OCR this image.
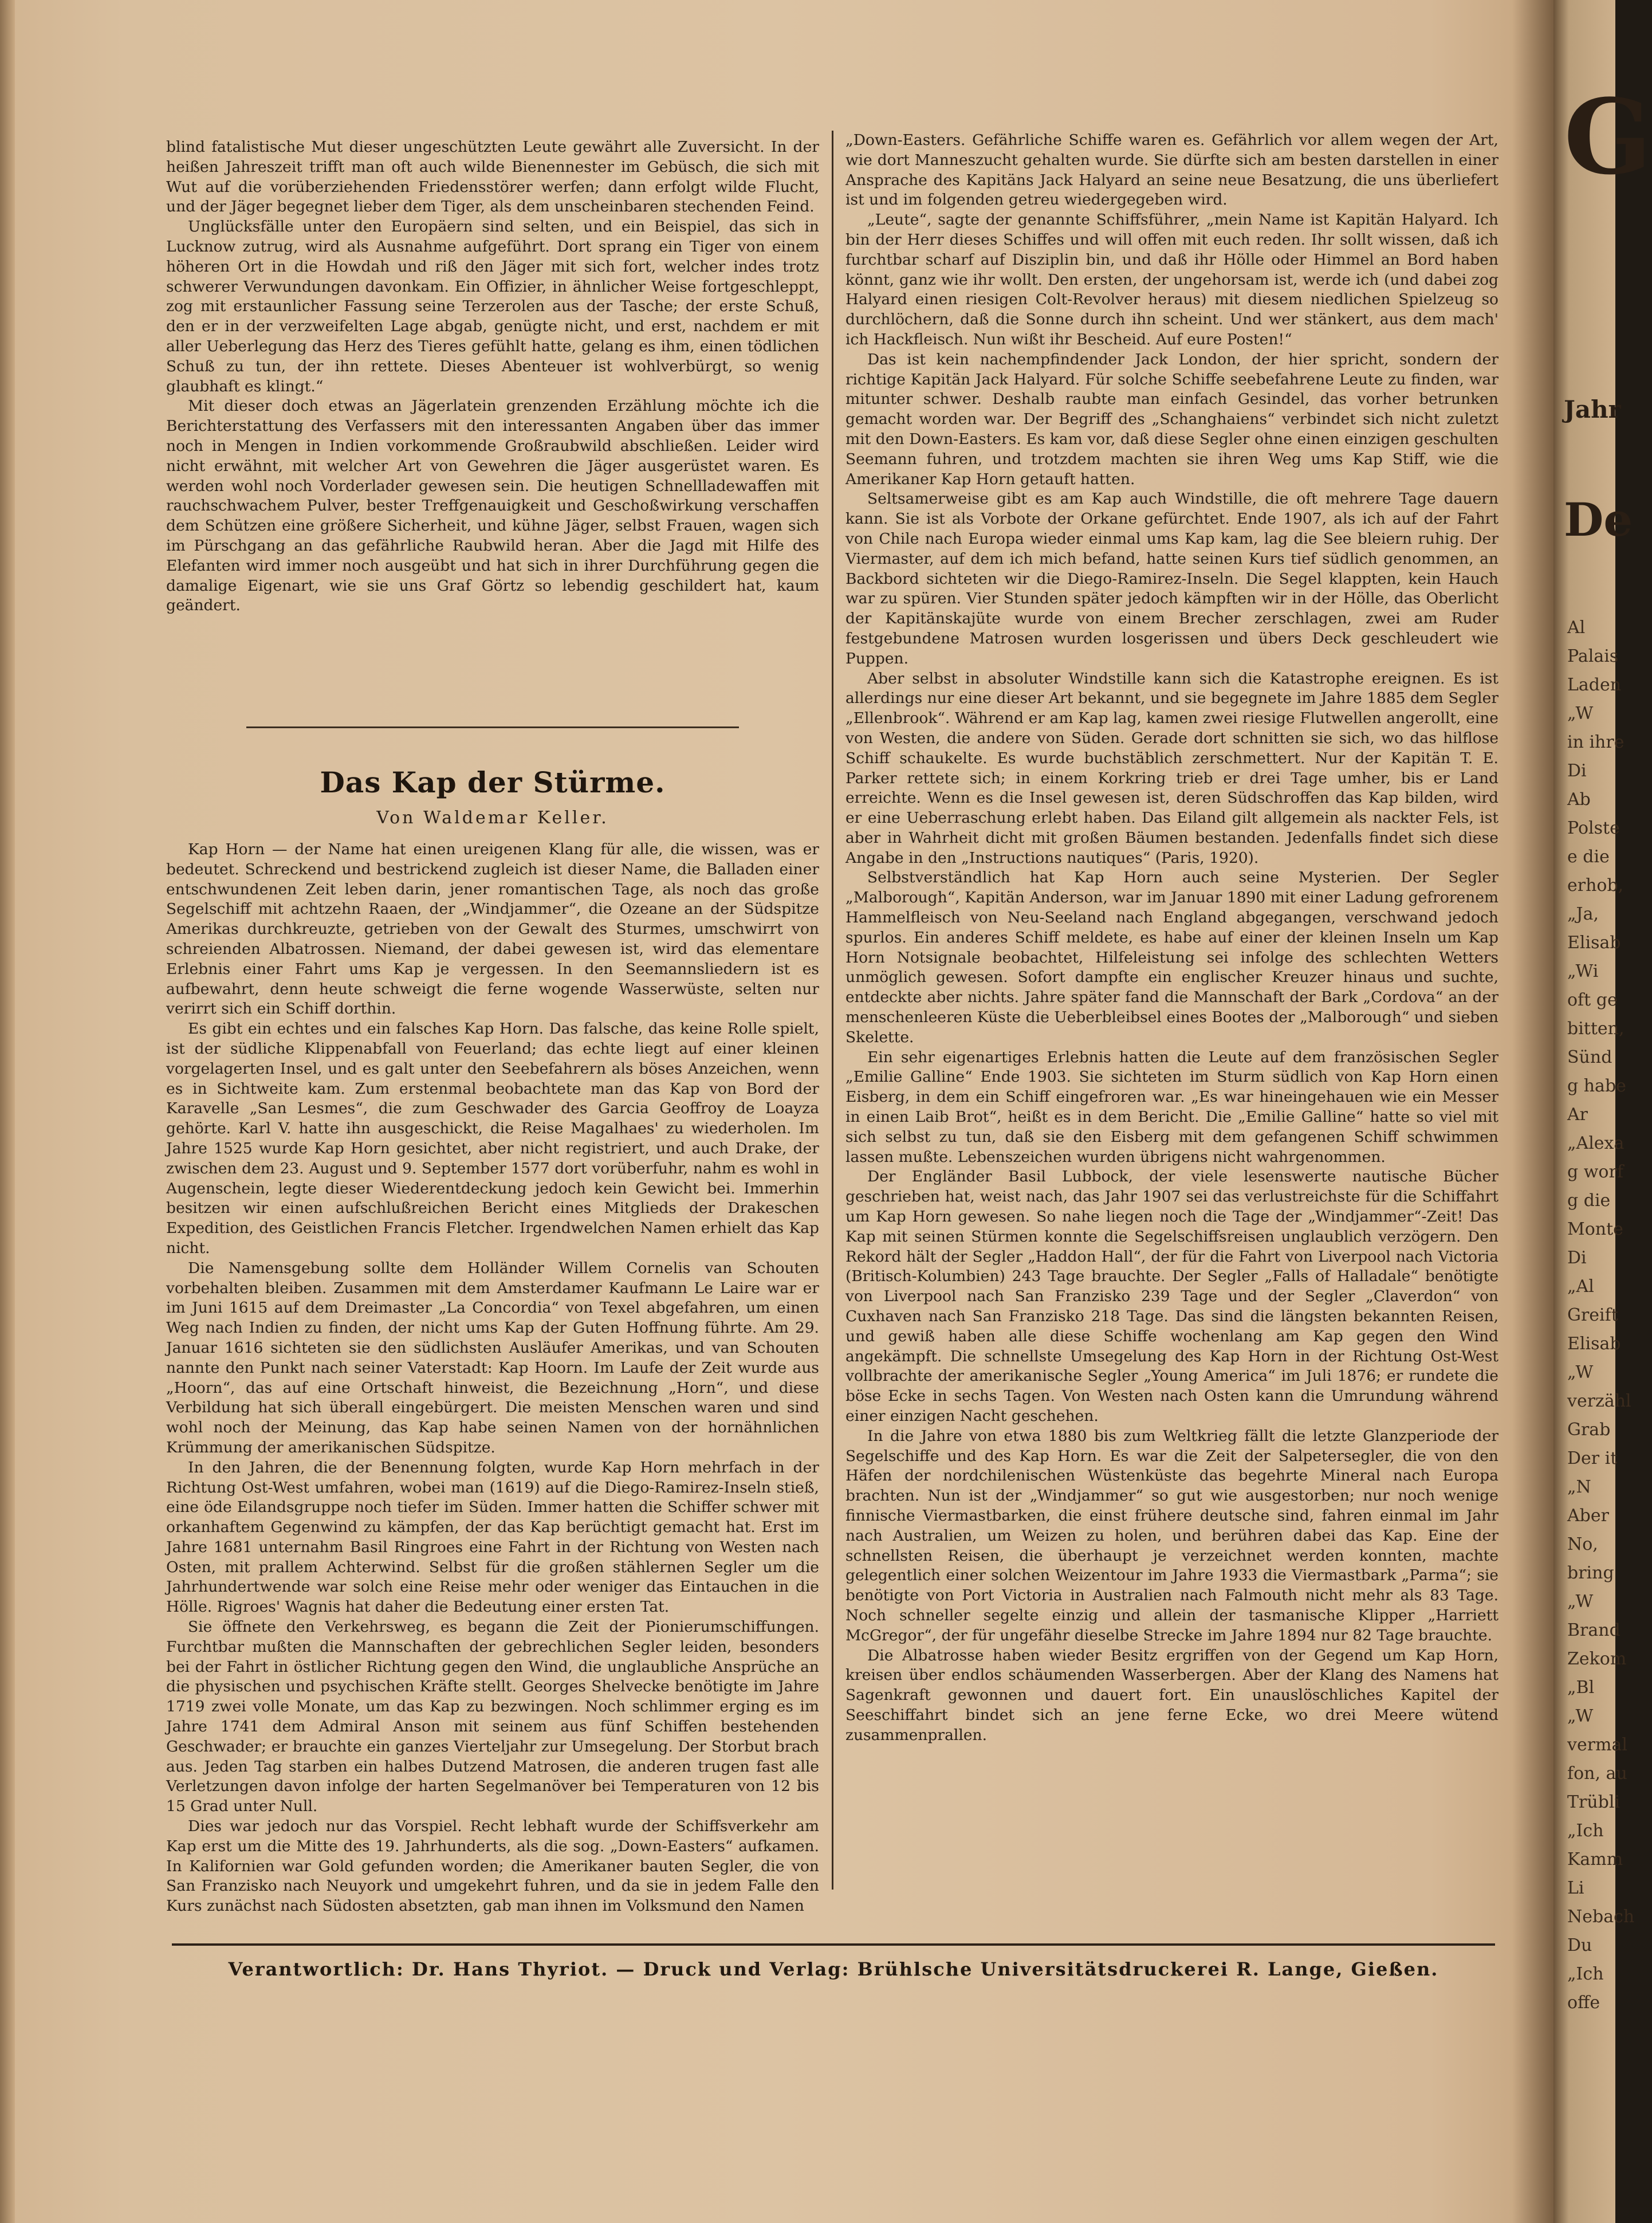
blind fatalistische Mut dieser ungeschützten Leute gewährt alle Zuversicht. In der heißen Jahreszeit trifft man oft auch wilde Bienennester im Gebüsch, die sich mit Wut auf die vorüberziehenden Friedensstörer werfen; dann erfolgt wilde Flucht, und der Jäger begegnet lieber dem Tiger, als dem unscheinbaren stechenden Feind.

Unglücksfälle unter den Europäern sind selten, und ein Beispiel, das sich in Lucknow zutrug, wird als Ausnahme aufgeführt. Dort sprang ein Tiger von einem höheren Ort in die Howdah und riß den Jäger mit sich fort, welcher indes trotz schwerer Verwundungen davonkam. Ein Offizier, in ähnlicher Weise fortgeschleppt, zog mit erstaunlicher Fassung seine Terzerolen aus der Tasche; der erste Schuß, den er in der verzweifelten Lage abgab, genügte nicht, und erst, nachdem er mit aller Ueberlegung das Herz des Tieres gefühlt hatte, gelang es ihm, einen tödlichen Schuß zu tun, der ihn rettete. Dieses Abenteuer ist wohlverbürgt, so wenig glaubhaft es klingt.“

Mit dieser doch etwas an Jägerlatein grenzenden Erzählung möchte ich die Berichterstattung des Verfassers mit den interessanten Angaben über das immer noch in Mengen in Indien vorkommende Großraubwild abschließen. Leider wird nicht erwähnt, mit welcher Art von Gewehren die Jäger ausgerüstet waren. Es werden wohl noch Vorderlader gewesen sein. Die heutigen Schnellladewaffen mit rauchschwachem Pulver, bester Treffgenauigkeit und Geschoßwirkung verschaffen dem Schützen eine größere Sicherheit, und kühne Jäger, selbst Frauen, wagen sich im Pürschgang an das gefährliche Raubwild heran. Aber die Jagd mit Hilfe des Elefanten wird immer noch ausgeübt und hat sich in ihrer Durchführung gegen die damalige Eigenart, wie sie uns Graf Görtz so lebendig geschildert hat, kaum geändert.

Das Kap der Stürme.
Von Waldemar Keller.

Kap Horn — der Name hat einen ureigenen Klang für alle, die wissen, was er bedeutet. Schreckend und bestrickend zugleich ist dieser Name, die Balladen einer entschwundenen Zeit leben darin, jener romantischen Tage, als noch das große Segelschiff mit achtzehn Raaen, der „Windjammer“, die Ozeane an der Südspitze Amerikas durchkreuzte, getrieben von der Gewalt des Sturmes, umschwirrt von schreienden Albatrossen. Niemand, der dabei gewesen ist, wird das elementare Erlebnis einer Fahrt ums Kap je vergessen. In den Seemannsliedern ist es aufbewahrt, denn heute schweigt die ferne wogende Wasserwüste, selten nur verirrt sich ein Schiff dorthin.

Es gibt ein echtes und ein falsches Kap Horn. Das falsche, das keine Rolle spielt, ist der südliche Klippenabfall von Feuerland; das echte liegt auf einer kleinen vorgelagerten Insel, und es galt unter den Seebefahrern als böses Anzeichen, wenn es in Sichtweite kam. Zum erstenmal beobachtete man das Kap von Bord der Karavelle „San Lesmes“, die zum Geschwader des Garcia Geoffroy de Loayza gehörte. Karl V. hatte ihn ausgeschickt, die Reise Magalhaes' zu wiederholen. Im Jahre 1525 wurde Kap Horn gesichtet, aber nicht registriert, und auch Drake, der zwischen dem 23. August und 9. September 1577 dort vorüberfuhr, nahm es wohl in Augenschein, legte dieser Wiederentdeckung jedoch kein Gewicht bei. Immerhin besitzen wir einen aufschlußreichen Bericht eines Mitglieds der Drakeschen Expedition, des Geistlichen Francis Fletcher. Irgendwelchen Namen erhielt das Kap nicht.

Die Namensgebung sollte dem Holländer Willem Cornelis van Schouten vorbehalten bleiben. Zusammen mit dem Amsterdamer Kaufmann Le Laire war er im Juni 1615 auf dem Dreimaster „La Concordia“ von Texel abgefahren, um einen Weg nach Indien zu finden, der nicht ums Kap der Guten Hoffnung führte. Am 29. Januar 1616 sichteten sie den südlichsten Ausläufer Amerikas, und van Schouten nannte den Punkt nach seiner Vaterstadt: Kap Hoorn. Im Laufe der Zeit wurde aus „Hoorn“, das auf eine Ortschaft hinweist, die Bezeichnung „Horn“, und diese Verbildung hat sich überall eingebürgert. Die meisten Menschen waren und sind wohl noch der Meinung, das Kap habe seinen Namen von der hornähnlichen Krümmung der amerikanischen Südspitze.

In den Jahren, die der Benennung folgten, wurde Kap Horn mehrfach in der Richtung Ost-West umfahren, wobei man (1619) auf die Diego-Ramirez-Inseln stieß, eine öde Eilandsgruppe noch tiefer im Süden. Immer hatten die Schiffer schwer mit orkanhaftem Gegenwind zu kämpfen, der das Kap berüchtigt gemacht hat. Erst im Jahre 1681 unternahm Basil Ringroes eine Fahrt in der Richtung von Westen nach Osten, mit prallem Achterwind. Selbst für die großen stählernen Segler um die Jahrhundertwende war solch eine Reise mehr oder weniger das Eintauchen in die Hölle. Rigroes' Wagnis hat daher die Bedeutung einer ersten Tat.

Sie öffnete den Verkehrsweg, es begann die Zeit der Pionierumschiffungen. Furchtbar mußten die Mannschaften der gebrechlichen Segler leiden, besonders bei der Fahrt in östlicher Richtung gegen den Wind, die unglaubliche Ansprüche an die physischen und psychischen Kräfte stellt. Georges Shelvecke benötigte im Jahre 1719 zwei volle Monate, um das Kap zu bezwingen. Noch schlimmer erging es im Jahre 1741 dem Admiral Anson mit seinem aus fünf Schiffen bestehenden Geschwader; er brauchte ein ganzes Vierteljahr zur Umsegelung. Der Storbut brach aus. Jeden Tag starben ein halbes Dutzend Matrosen, die anderen trugen fast alle Verletzungen davon infolge der harten Segelmanöver bei Temperaturen von 12 bis 15 Grad unter Null.

Dies war jedoch nur das Vorspiel. Recht lebhaft wurde der Schiffsverkehr am Kap erst um die Mitte des 19. Jahrhunderts, als die sog. „Down-Easters“ aufkamen. In Kalifornien war Gold gefunden worden; die Amerikaner bauten Segler, die von San Franzisko nach Neuyork und umgekehrt fuhren, und da sie in jedem Falle den Kurs zunächst nach Südosten absetzten, gab man ihnen im Volksmund den Namen

„Down-Easters. Gefährliche Schiffe waren es. Gefährlich vor allem wegen der Art, wie dort Manneszucht gehalten wurde. Sie dürfte sich am besten darstellen in einer Ansprache des Kapitäns Jack Halyard an seine neue Besatzung, die uns überliefert ist und im folgenden getreu wiedergegeben wird.

„Leute“, sagte der genannte Schiffsführer, „mein Name ist Kapitän Halyard. Ich bin der Herr dieses Schiffes und will offen mit euch reden. Ihr sollt wissen, daß ich furchtbar scharf auf Disziplin bin, und daß ihr Hölle oder Himmel an Bord haben könnt, ganz wie ihr wollt. Den ersten, der ungehorsam ist, werde ich (und dabei zog Halyard einen riesigen Colt-Revolver heraus) mit diesem niedlichen Spielzeug so durchlöchern, daß die Sonne durch ihn scheint. Und wer stänkert, aus dem mach' ich Hackfleisch. Nun wißt ihr Bescheid. Auf eure Posten!“

Das ist kein nachempfindender Jack London, der hier spricht, sondern der richtige Kapitän Jack Halyard. Für solche Schiffe seebefahrene Leute zu finden, war mitunter schwer. Deshalb raubte man einfach Gesindel, das vorher betrunken gemacht worden war. Der Begriff des „Schanghaiens“ verbindet sich nicht zuletzt mit den Down-Easters. Es kam vor, daß diese Segler ohne einen einzigen geschulten Seemann fuhren, und trotzdem machten sie ihren Weg ums Kap Stiff, wie die Amerikaner Kap Horn getauft hatten.

Seltsamerweise gibt es am Kap auch Windstille, die oft mehrere Tage dauern kann. Sie ist als Vorbote der Orkane gefürchtet. Ende 1907, als ich auf der Fahrt von Chile nach Europa wieder einmal ums Kap kam, lag die See bleiern ruhig. Der Viermaster, auf dem ich mich befand, hatte seinen Kurs tief südlich genommen, an Backbord sichteten wir die Diego-Ramirez-Inseln. Die Segel klappten, kein Hauch war zu spüren. Vier Stunden später jedoch kämpften wir in der Hölle, das Oberlicht der Kapitänskajüte wurde von einem Brecher zerschlagen, zwei am Ruder festgebundene Matrosen wurden losgerissen und übers Deck geschleudert wie Puppen.

Aber selbst in absoluter Windstille kann sich die Katastrophe ereignen. Es ist allerdings nur eine dieser Art bekannt, und sie begegnete im Jahre 1885 dem Segler „Ellenbrook“. Während er am Kap lag, kamen zwei riesige Flutwellen angerollt, eine von Westen, die andere von Süden. Gerade dort schnitten sie sich, wo das hilflose Schiff schaukelte. Es wurde buchstäblich zerschmettert. Nur der Kapitän T. E. Parker rettete sich; in einem Korkring trieb er drei Tage umher, bis er Land erreichte. Wenn es die Insel gewesen ist, deren Südschroffen das Kap bilden, wird er eine Ueberraschung erlebt haben. Das Eiland gilt allgemein als nackter Fels, ist aber in Wahrheit dicht mit großen Bäumen bestanden. Jedenfalls findet sich diese Angabe in den „Instructions nautiques“ (Paris, 1920).

Selbstverständlich hat Kap Horn auch seine Mysterien. Der Segler „Malborough“, Kapitän Anderson, war im Januar 1890 mit einer Ladung gefrorenem Hammelfleisch von Neu-Seeland nach England abgegangen, verschwand jedoch spurlos. Ein anderes Schiff meldete, es habe auf einer der kleinen Inseln um Kap Horn Notsignale beobachtet, Hilfeleistung sei infolge des schlechten Wetters unmöglich gewesen. Sofort dampfte ein englischer Kreuzer hinaus und suchte, entdeckte aber nichts. Jahre später fand die Mannschaft der Bark „Cordova“ an der menschenleeren Küste die Ueberbleibsel eines Bootes der „Malborough“ und sieben Skelette.

Ein sehr eigenartiges Erlebnis hatten die Leute auf dem französischen Segler „Emilie Galline“ Ende 1903. Sie sichteten im Sturm südlich von Kap Horn einen Eisberg, in dem ein Schiff eingefroren war. „Es war hineingehauen wie ein Messer in einen Laib Brot“, heißt es in dem Bericht. Die „Emilie Galline“ hatte so viel mit sich selbst zu tun, daß sie den Eisberg mit dem gefangenen Schiff schwimmen lassen mußte. Lebenszeichen wurden übrigens nicht wahrgenommen.

Der Engländer Basil Lubbock, der viele lesenswerte nautische Bücher geschrieben hat, weist nach, das Jahr 1907 sei das verlustreichste für die Schiffahrt um Kap Horn gewesen. So nahe liegen noch die Tage der „Windjammer“-Zeit! Das Kap mit seinen Stürmen konnte die Segelschiffsreisen unglaublich verzögern. Den Rekord hält der Segler „Haddon Hall“, der für die Fahrt von Liverpool nach Victoria (Britisch-Kolumbien) 243 Tage brauchte. Der Segler „Falls of Halladale“ benötigte von Liverpool nach San Franzisko 239 Tage und der Segler „Claverdon“ von Cuxhaven nach San Franzisko 218 Tage. Das sind die längsten bekannten Reisen, und gewiß haben alle diese Schiffe wochenlang am Kap gegen den Wind angekämpft. Die schnellste Umsegelung des Kap Horn in der Richtung Ost-West vollbrachte der amerikanische Segler „Young America“ im Juli 1876; er rundete die böse Ecke in sechs Tagen. Von Westen nach Osten kann die Umrundung während einer einzigen Nacht geschehen.

In die Jahre von etwa 1880 bis zum Weltkrieg fällt die letzte Glanzperiode der Segelschiffe und des Kap Horn. Es war die Zeit der Salpetersegler, die von den Häfen der nordchilenischen Wüstenküste das begehrte Mineral nach Europa brachten. Nun ist der „Windjammer“ so gut wie ausgestorben; nur noch wenige finnische Viermastbarken, die einst frühere deutsche sind, fahren einmal im Jahr nach Australien, um Weizen zu holen, und berühren dabei das Kap. Eine der schnellsten Reisen, die überhaupt je verzeichnet werden konnten, machte gelegentlich einer solchen Weizentour im Jahre 1933 die Viermastbark „Parma“; sie benötigte von Port Victoria in Australien nach Falmouth nicht mehr als 83 Tage. Noch schneller segelte einzig und allein der tasmanische Klipper „Harriett McGregor“, der für ungefähr dieselbe Strecke im Jahre 1894 nur 82 Tage brauchte.

Die Albatrosse haben wieder Besitz ergriffen von der Gegend um Kap Horn, kreisen über endlos schäumenden Wasserbergen. Aber der Klang des Namens hat Sagenkraft gewonnen und dauert fort. Ein unauslöschliches Kapitel der Seeschiffahrt bindet sich an jene ferne Ecke, wo drei Meere wütend zusammenprallen.

Verantwortlich: Dr. Hans Thyriot. — Druck und Verlag: Brühlsche Universitätsdruckerei R. Lange, Gießen.
G
Jahr
De
Al
Palais
Laden
„W
in ihre
Di
Ab
Polste
e die
erhob,
„Ja,
Elisab
„Wi
oft ge
bitten,
Sünd
g habe
Ar
„Alexa
g worf
g die
Monte
Di
„Al
Greift
Elisab
„W
verzähl
Grab
Der it
„N
Aber
No,
bring
„W
Brand
Zekom
„Bl
„W
vermal
fon, au
Trübli
„Ich
Kamm
Li
Nebach
Du
„Ich
offe
